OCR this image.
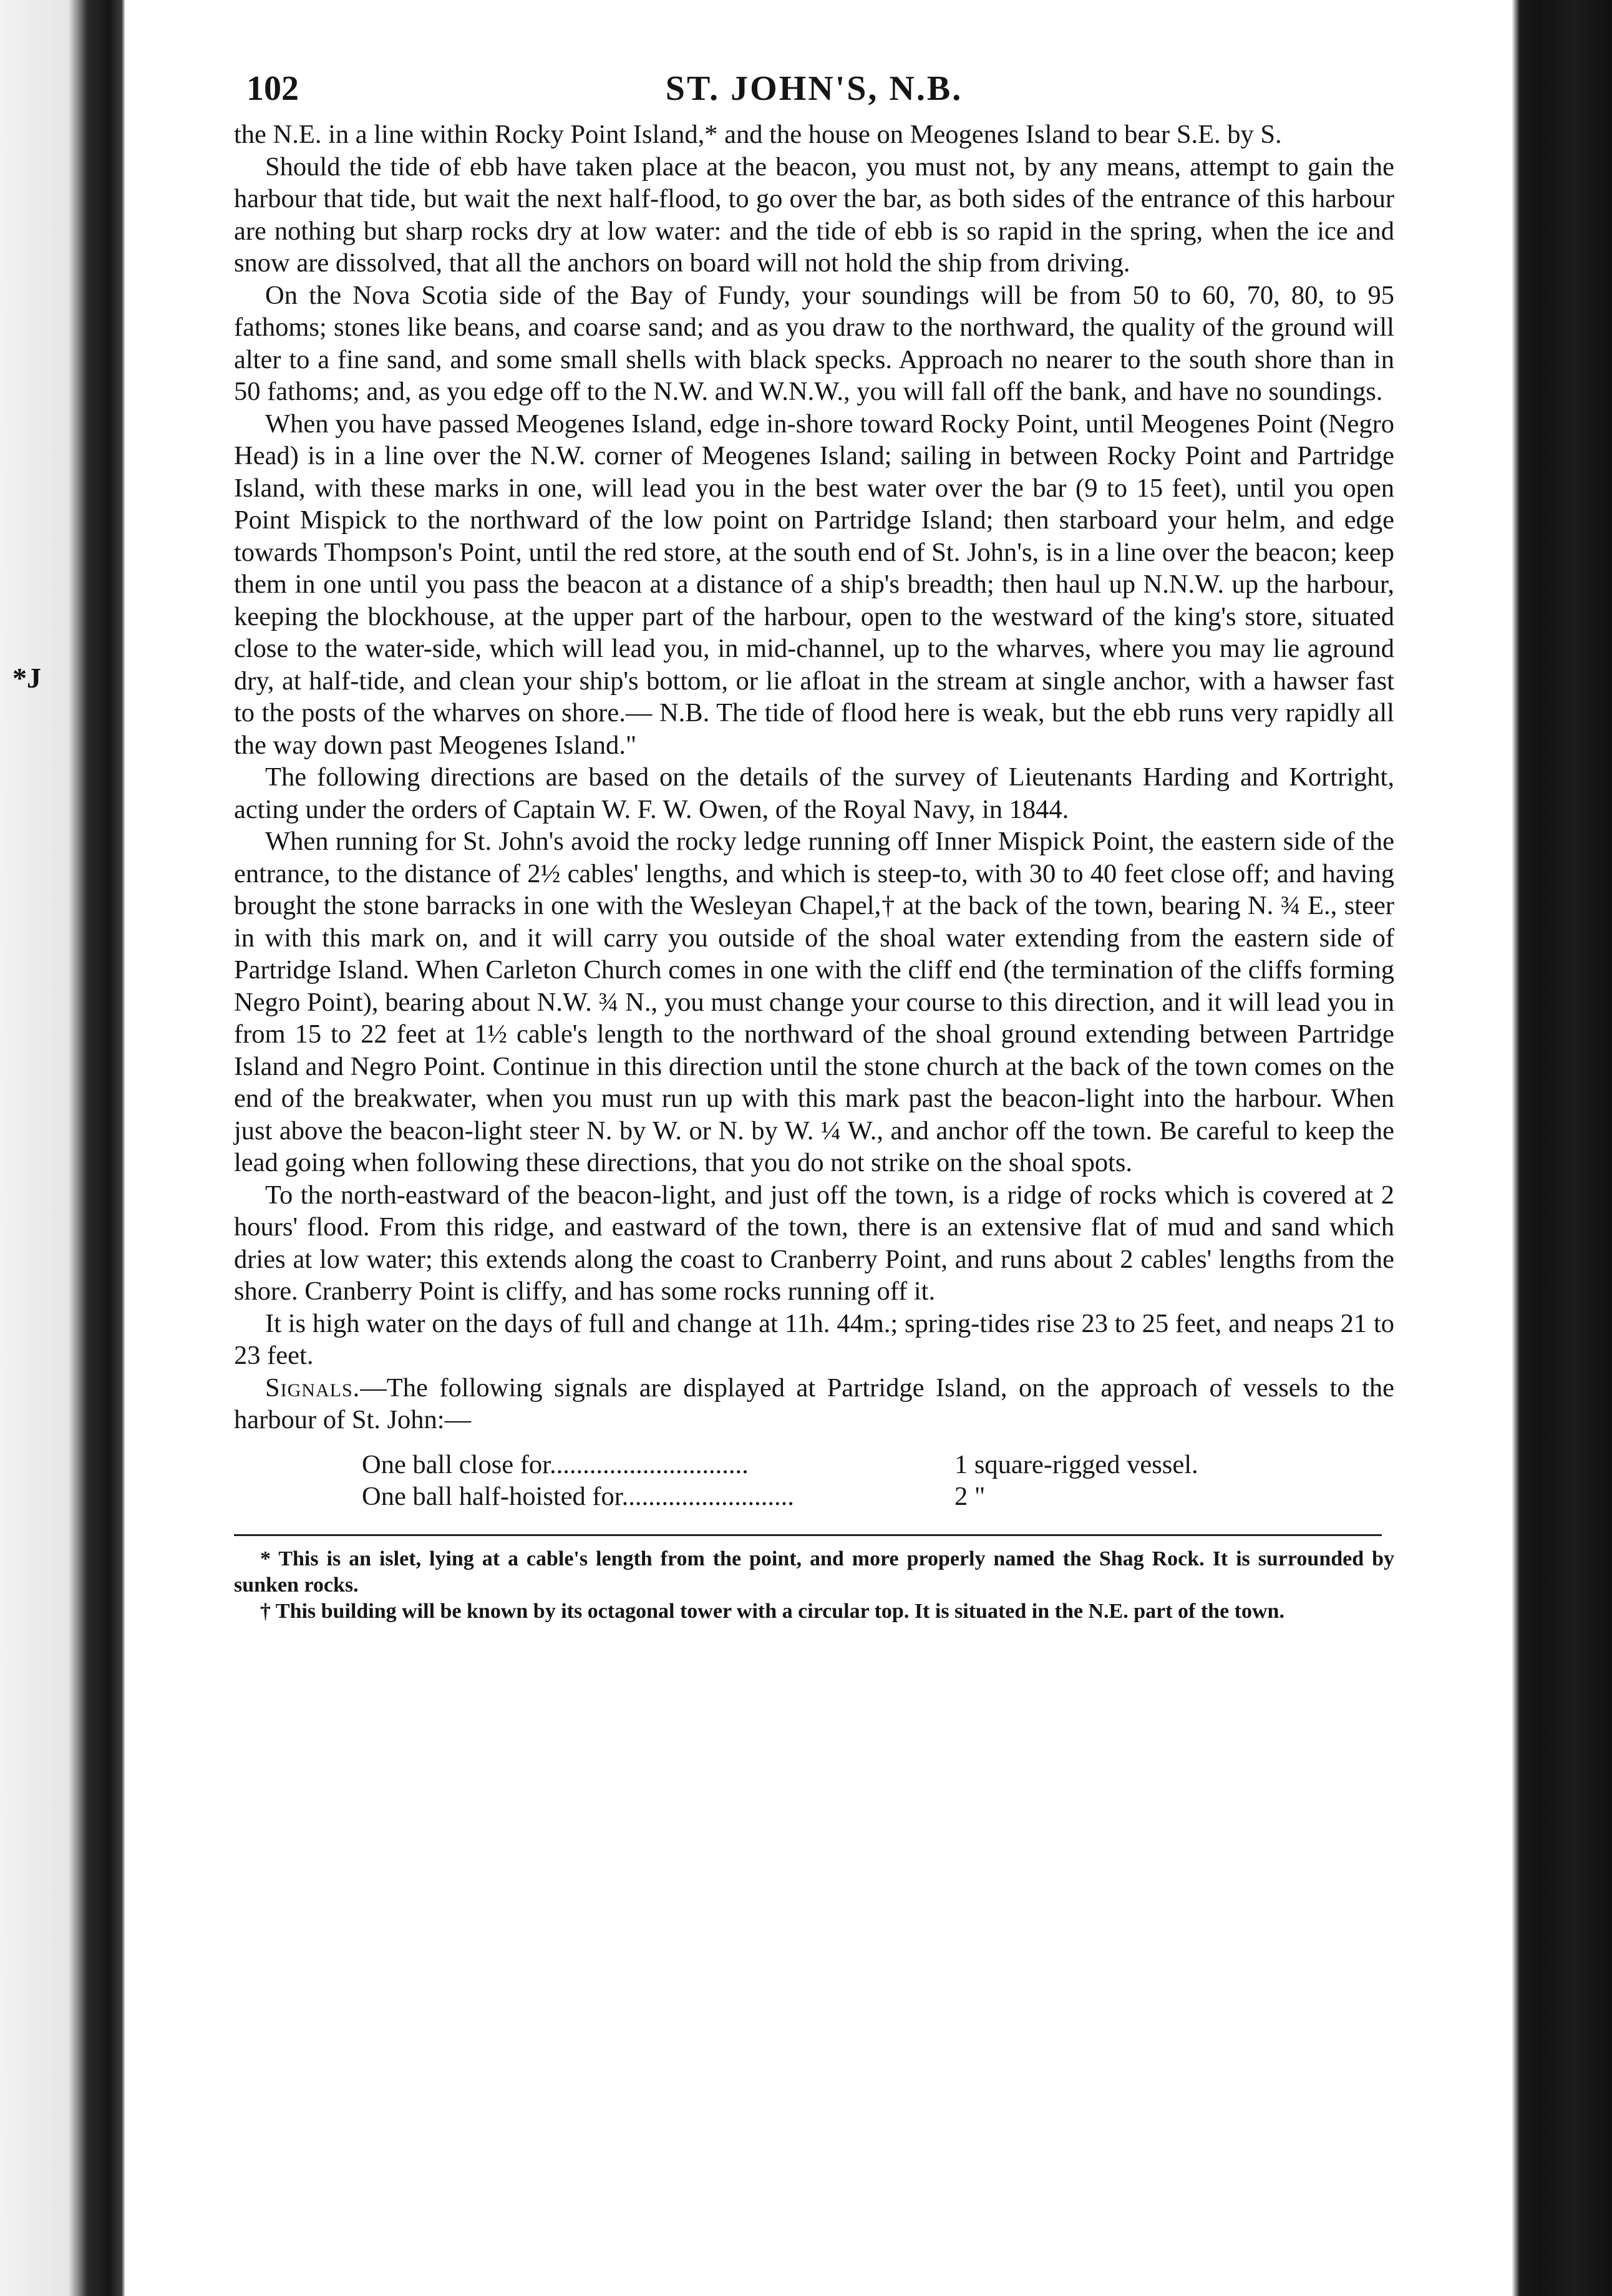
*J
102	ST. JOHN'S, N.B.

the N.E. in a line within Rocky Point Island,* and the house on Meogenes Island to bear S.E. by S.

Should the tide of ebb have taken place at the beacon, you must not, by any means, attempt to gain the harbour that tide, but wait the next half-flood, to go over the bar, as both sides of the entrance of this harbour are nothing but sharp rocks dry at low water: and the tide of ebb is so rapid in the spring, when the ice and snow are dissolved, that all the anchors on board will not hold the ship from driving.

On the Nova Scotia side of the Bay of Fundy, your soundings will be from 50 to 60, 70, 80, to 95 fathoms; stones like beans, and coarse sand; and as you draw to the northward, the quality of the ground will alter to a fine sand, and some small shells with black specks. Approach no nearer to the south shore than in 50 fathoms; and, as you edge off to the N.W. and W.N.W., you will fall off the bank, and have no soundings.

When you have passed Meogenes Island, edge in-shore toward Rocky Point, until Meogenes Point (Negro Head) is in a line over the N.W. corner of Meogenes Island; sailing in between Rocky Point and Partridge Island, with these marks in one, will lead you in the best water over the bar (9 to 15 feet), until you open Point Mispick to the northward of the low point on Partridge Island; then starboard your helm, and edge towards Thompson's Point, until the red store, at the south end of St. John's, is in a line over the beacon; keep them in one until you pass the beacon at a distance of a ship's breadth; then haul up N.N.W. up the harbour, keeping the blockhouse, at the upper part of the harbour, open to the westward of the king's store, situated close to the water-side, which will lead you, in mid-channel, up to the wharves, where you may lie aground dry, at half-tide, and clean your ship's bottom, or lie afloat in the stream at single anchor, with a hawser fast to the posts of the wharves on shore.— N.B. The tide of flood here is weak, but the ebb runs very rapidly all the way down past Meogenes Island."

The following directions are based on the details of the survey of Lieutenants Harding and Kortright, acting under the orders of Captain W. F. W. Owen, of the Royal Navy, in 1844.

When running for St. John's avoid the rocky ledge running off Inner Mispick Point, the eastern side of the entrance, to the distance of 2½ cables' lengths, and which is steep-to, with 30 to 40 feet close off; and having brought the stone barracks in one with the Wesleyan Chapel,† at the back of the town, bearing N. ¾ E., steer in with this mark on, and it will carry you outside of the shoal water extending from the eastern side of Partridge Island. When Carleton Church comes in one with the cliff end (the termination of the cliffs forming Negro Point), bearing about N.W. ¾ N., you must change your course to this direction, and it will lead you in from 15 to 22 feet at 1½ cable's length to the northward of the shoal ground extending between Partridge Island and Negro Point. Continue in this direction until the stone church at the back of the town comes on the end of the breakwater, when you must run up with this mark past the beacon-light into the harbour. When just above the beacon-light steer N. by W. or N. by W. ¼ W., and anchor off the town. Be careful to keep the lead going when following these directions, that you do not strike on the shoal spots.

To the north-eastward of the beacon-light, and just off the town, is a ridge of rocks which is covered at 2 hours' flood. From this ridge, and eastward of the town, there is an extensive flat of mud and sand which dries at low water; this extends along the coast to Cranberry Point, and runs about 2 cables' lengths from the shore. Cranberry Point is cliffy, and has some rocks running off it.

It is high water on the days of full and change at 11h. 44m.; spring-tides rise 23 to 25 feet, and neaps 21 to 23 feet.

Signals.—The following signals are displayed at Partridge Island, on the approach of vessels to the harbour of St. John:—

One ball close for..............................	1 square-rigged vessel.
One ball half-hoisted for..........................	2 "

* This is an islet, lying at a cable's length from the point, and more properly named the Shag Rock. It is surrounded by sunken rocks.

† This building will be known by its octagonal tower with a circular top. It is situated in the N.E. part of the town.
